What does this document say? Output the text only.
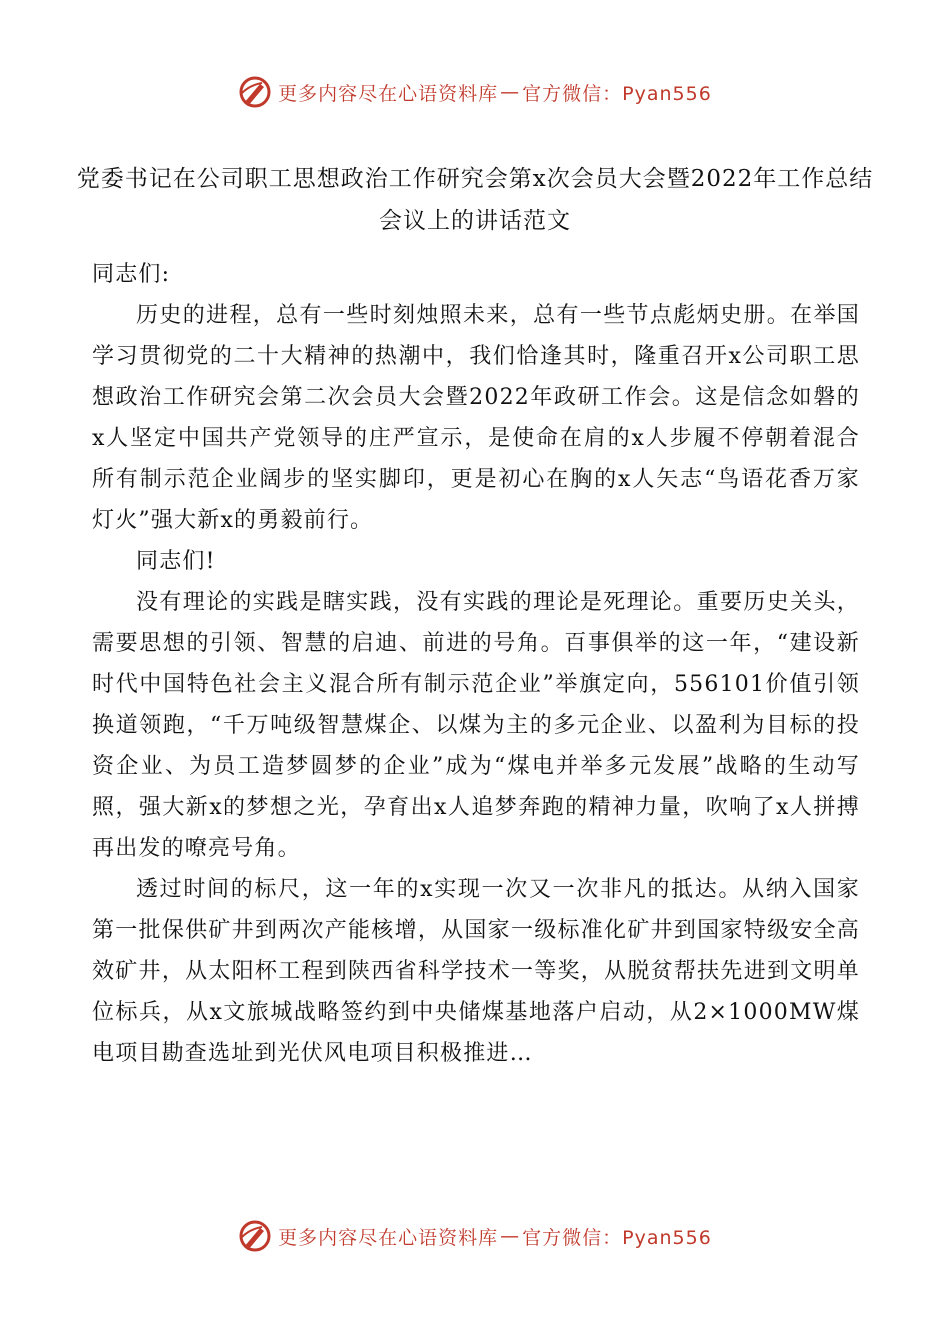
更多内容尽在心语资料库 — 官方微信：Pyan556
党委书记在公司职工思想政治工作研究会第x次会员大会暨2022年工作总结会议上的讲话范文

同志们:

历史的进程，总有一些时刻烛照未来，总有一些节点彪炳史册。在举国学习贯彻党的二十大精神的热潮中，我们恰逢其时，隆重召开x公司职工思想政治工作研究会第二次会员大会暨2022年政研工作会。这是信念如磐的x人坚定中国共产党领导的庄严宣示，是使命在肩的x人步履不停朝着混合所有制示范企业阔步的坚实脚印，更是初心在胸的x人矢志“鸟语花香万家灯火”强大新x的勇毅前行。

同志们!

没有理论的实践是瞎实践，没有实践的理论是死理论。重要历史关头，需要思想的引领、智慧的启迪、前进的号角。百事俱举的这一年，“建设新时代中国特色社会主义混合所有制示范企业”举旗定向，556101价值引领换道领跑，“千万吨级智慧煤企、以煤为主的多元企业、以盈利为目标的投资企业、为员工造梦圆梦的企业”成为“煤电并举多元发展”战略的生动写照，强大新x的梦想之光，孕育出x人追梦奔跑的精神力量，吹响了x人拼搏再出发的嘹亮号角。

透过时间的标尺，这一年的x实现一次又一次非凡的抵达。从纳入国家第一批保供矿井到两次产能核增，从国家一级标准化矿井到国家特级安全高效矿井，从太阳杯工程到陕西省科学技术一等奖，从脱贫帮扶先进到文明单位标兵，从x文旅城战略签约到中央储煤基地落户启动，从2×1000MW煤电项目勘查选址到光伏风电项目积极推进…

更多内容尽在心语资料库 — 官方微信：Pyan556
